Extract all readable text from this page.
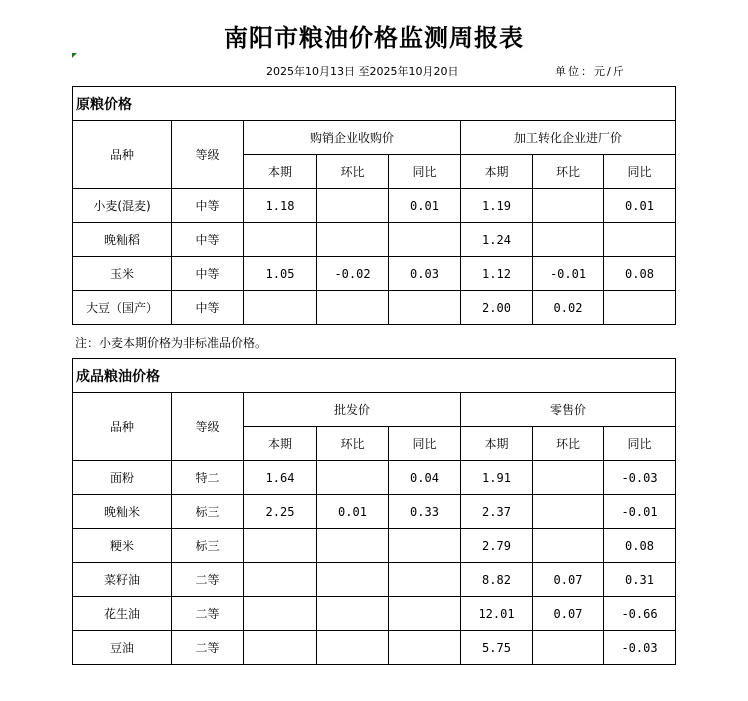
南阳市粮油价格监测周报表
2025年10月13日 至2025年10月20日	单位：元/斤
原粮价格							
品种	等级	购销企业收购价			加工转化企业进厂价		
		本期	环比	同比	本期	环比	同比
小麦(混麦)	中等	1.18		0.01	1.19		0.01
晚籼稻	中等				1.24		
玉米	中等	1.05	-0.02	0.03	1.12	-0.01	0.08
大豆（国产）	中等				2.00	0.02	
注：小麦本期价格为非标准品价格。
成品粮油价格							
品种	等级	批发价			零售价		
		本期	环比	同比	本期	环比	同比
面粉	特二	1.64		0.04	1.91		-0.03
晚籼米	标三	2.25	0.01	0.33	2.37		-0.01
粳米	标三				2.79		0.08
菜籽油	二等				8.82	0.07	0.31
花生油	二等				12.01	0.07	-0.66
豆油	二等				5.75		-0.03
